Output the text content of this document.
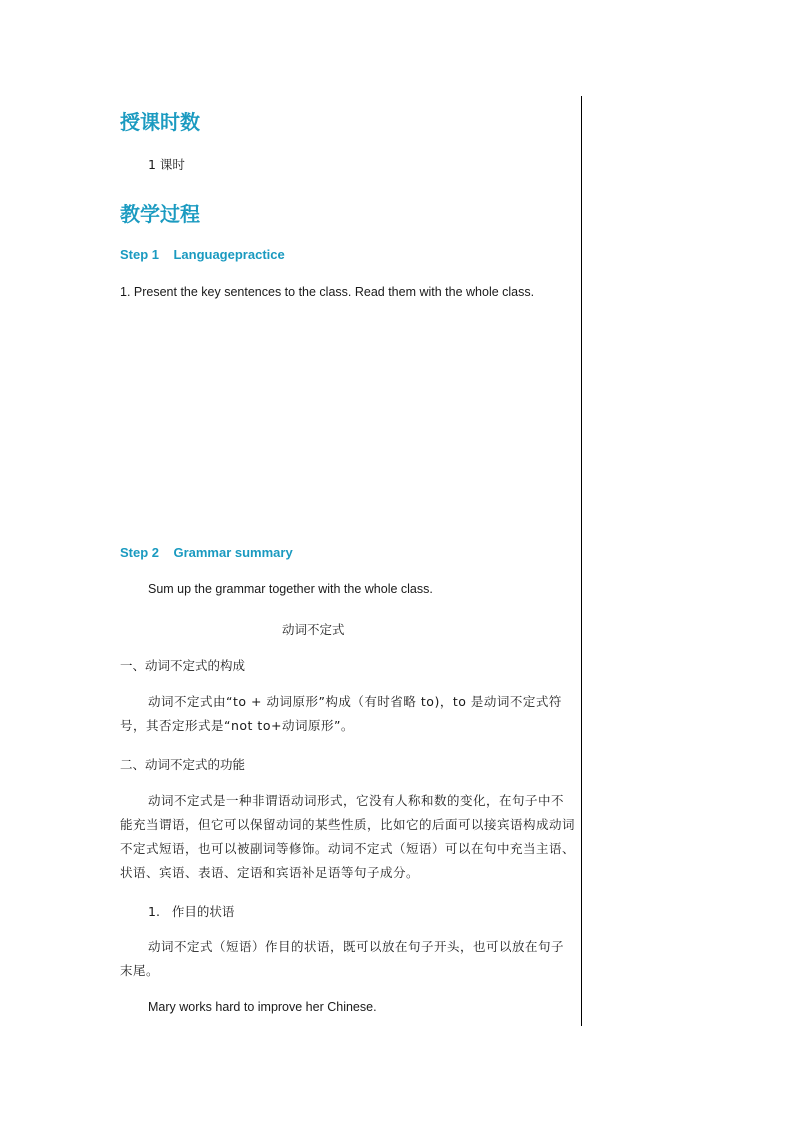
授课时数
1 课时
教学过程
Step 1    Languagepractice
1. Present the key sentences to the class. Read them with the whole class.
Step 2    Grammar summary
Sum up the grammar together with the whole class.
动词不定式
一、动词不定式的构成
动词不定式由“to + 动词原形”构成（有时省略 to)，to 是动词不定式符号，其否定形式是“not to+动词原形”。
二、动词不定式的功能
动词不定式是一种非谓语动词形式，它没有人称和数的变化，在句子中不能充当谓语，但它可以保留动词的某些性质，比如它的后面可以接宾语构成动词不定式短语，也可以被副词等修饰。动词不定式（短语）可以在句中充当主语、状语、宾语、表语、定语和宾语补足语等句子成分。
1.   作目的状语
动词不定式（短语）作目的状语，既可以放在句子开头，也可以放在句子末尾。
Mary works hard to improve her Chinese.
